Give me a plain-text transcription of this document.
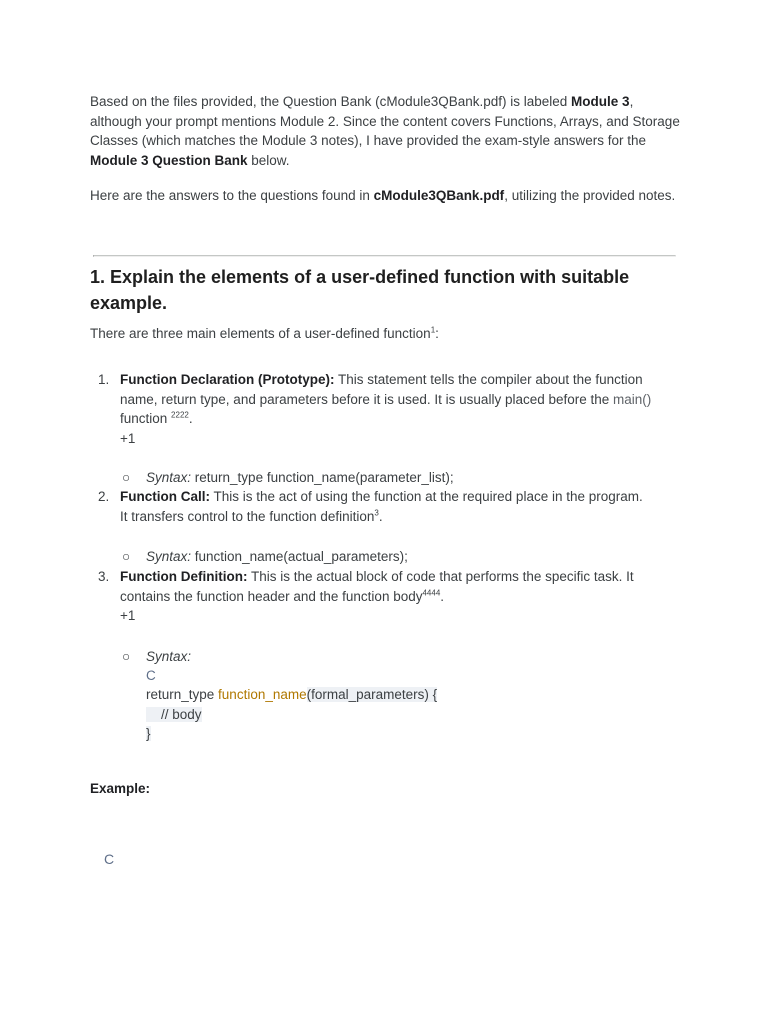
Based on the files provided, the Question Bank (cModule3QBank.pdf) is labeled Module 3, although your prompt mentions Module 2. Since the content covers Functions, Arrays, and Storage Classes (which matches the Module 3 notes), I have provided the exam-style answers for the Module 3 Question Bank below.

Here are the answers to the questions found in cModule3QBank.pdf, utilizing the provided notes.

1. Explain the elements of a user-defined function with suitable example.

There are three main elements of a user-defined function$^1$:

1. Function Declaration (Prototype): This statement tells the compiler about the function name, return type, and parameters before it is used. It is usually placed before the main()
function $^{2222}$.
+1
○ Syntax: return_type function_name(parameter_list);
2. Function Call: This is the act of using the function at the required place in the program.
It transfers control to the function definition$^3$.
○ Syntax: function_name(actual_parameters);
3. Function Definition: This is the actual block of code that performs the specific task. It
contains the function header and the function body$^{4444}$.
+1
○ Syntax:
C
return_type function_name(formal_parameters) {
// body
}
Example:
C
